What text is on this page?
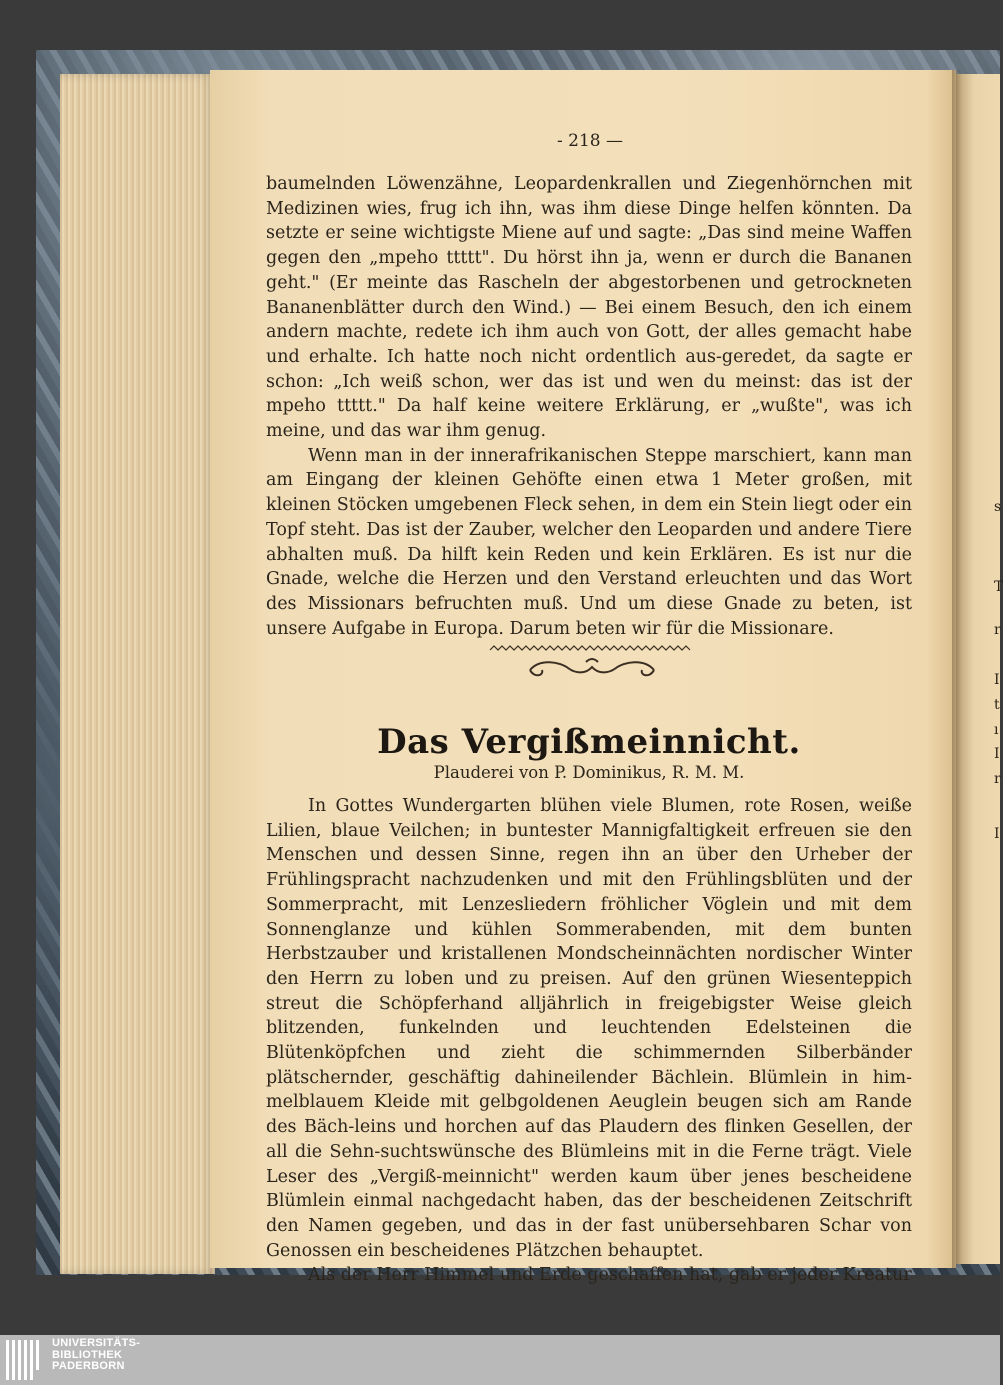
s
T
r
I
t
ı
I
r
I
- 218 —

baumelnden Löwenzähne, Leopardenkrallen und Ziegenhörnchen mit Medizinen wies, frug ich ihn, was ihm diese Dinge helfen könnten. Da setzte er seine wichtigste Miene auf und sagte: „Das sind meine Waffen gegen den „mpeho ttttt". Du hörst ihn ja, wenn er durch die Bananen geht." (Er meinte das Rascheln der abgestorbenen und getrockneten Bananenblätter durch den Wind.) — Bei einem Besuch, den ich einem andern machte, redete ich ihm auch von Gott, der alles gemacht habe und erhalte. Ich hatte noch nicht ordentlich aus-geredet, da sagte er schon: „Ich weiß schon, wer das ist und wen du meinst: das ist der mpeho ttttt." Da half keine weitere Erklärung, er „wußte", was ich meine, und das war ihm genug.

Wenn man in der innerafrikanischen Steppe marschiert, kann man am Eingang der kleinen Gehöfte einen etwa 1 Meter großen, mit kleinen Stöcken umgebenen Fleck sehen, in dem ein Stein liegt oder ein Topf steht. Das ist der Zauber, welcher den Leoparden und andere Tiere abhalten muß. Da hilft kein Reden und kein Erklären. Es ist nur die Gnade, welche die Herzen und den Verstand erleuchten und das Wort des Missionars befruchten muß. Und um diese Gnade zu beten, ist unsere Aufgabe in Europa. Darum beten wir für die Missionare.

Das Vergißmeinnicht.
Plauderei von P. Dominikus, R. M. M.

In Gottes Wundergarten blühen viele Blumen, rote Rosen, weiße Lilien, blaue Veilchen; in buntester Mannigfaltigkeit erfreuen sie den Menschen und dessen Sinne, regen ihn an über den Urheber der Frühlingspracht nachzudenken und mit den Frühlingsblüten und der Sommerpracht, mit Lenzesliedern fröhlicher Vöglein und mit dem Sonnenglanze und kühlen Sommerabenden, mit dem bunten Herbstzauber und kristallenen Mondscheinnächten nordischer Winter den Herrn zu loben und zu preisen. Auf den grünen Wiesenteppich streut die Schöpferhand alljährlich in freigebigster Weise gleich blitzenden, funkelnden und leuchtenden Edelsteinen die Blütenköpfchen und zieht die schimmernden Silberbänder plätschernder, geschäftig dahineilender Bächlein. Blümlein in him-melblauem Kleide mit gelbgoldenen Aeuglein beugen sich am Rande des Bäch-leins und horchen auf das Plaudern des flinken Gesellen, der all die Sehn-suchtswünsche des Blümleins mit in die Ferne trägt. Viele Leser des „Vergiß-meinnicht" werden kaum über jenes bescheidene Blümlein einmal nachgedacht haben, das der bescheidenen Zeitschrift den Namen gegeben, und das in der fast unübersehbaren Schar von Genossen ein bescheidenes Plätzchen behauptet.

Als der Herr Himmel und Erde geschaffen hat, gab er jeder Kreatur

UNIVERSITÄTS-
BIBLIOTHEK
PADERBORN
